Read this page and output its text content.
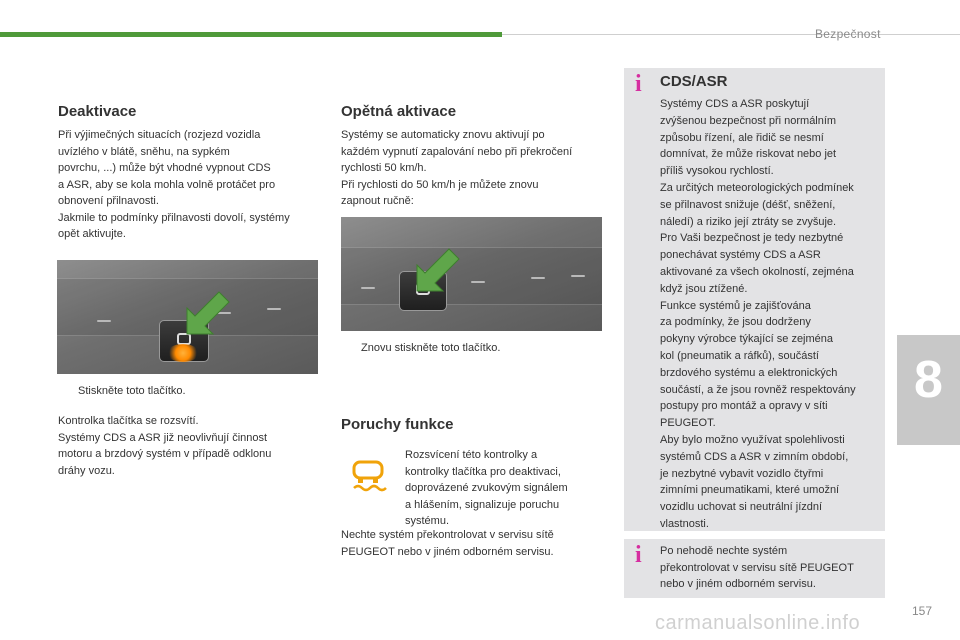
Bezpečnost
Deaktivace
Při výjimečných situacích (rozjezd vozidla
uvízlého v blátě, sněhu, na sypkém
povrchu, ...) může být vhodné vypnout CDS
a ASR, aby se kola mohla volně protáčet pro
obnovení přilnavosti.
Jakmile to podmínky přilnavosti dovolí, systémy
opět aktivujte.
Stiskněte toto tlačítko.
Kontrolka tlačítka se rozsvítí.
Systémy CDS a ASR již neovlivňují činnost
motoru a brzdový systém v případě odklonu
dráhy vozu.
Opětná aktivace
Systémy se automaticky znovu aktivují po
každém vypnutí zapalování nebo při překročení
rychlosti 50 km/h.
Při rychlosti do 50 km/h je můžete znovu
zapnout ručně:
Znovu stiskněte toto tlačítko.
Poruchy funkce
Rozsvícení této kontrolky a
kontrolky tlačítka pro deaktivaci,
doprovázené zvukovým signálem
a hlášením, signalizuje poruchu
systému.
Nechte systém překontrolovat v servisu sítě
PEUGEOT nebo v jiném odborném servisu.
i CDS/ASR
Systémy CDS a ASR poskytují
zvýšenou bezpečnost při normálním
způsobu řízení, ale řidič se nesmí
domnívat, že může riskovat nebo jet
příliš vysokou rychlostí.
Za určitých meteorologických podmínek
se přilnavost snižuje (déšť, sněžení,
náledí) a riziko její ztráty se zvyšuje.
Pro Vaši bezpečnost je tedy nezbytné
ponechávat systémy CDS a ASR
aktivované za všech okolností, zejména
když jsou ztížené.
Funkce systémů je zajišťována
za podmínky, že jsou dodrženy
pokyny výrobce týkající se zejména
kol (pneumatik a ráfků), součástí
brzdového systému a elektronických
součástí, a že jsou rovněž respektovány
postupy pro montáž a opravy v síti
PEUGEOT.
Aby bylo možno využívat spolehlivosti
systémů CDS a ASR v zimním období,
je nezbytné vybavit vozidlo čtyřmi
zimními pneumatikami, které umožní
vozidlu uchovat si neutrální jízdní
vlastnosti.
i Po nehodě nechte systém
překontrolovat v servisu sítě PEUGEOT
nebo v jiném odborném servisu.
8
157
carmanualsonline.info
